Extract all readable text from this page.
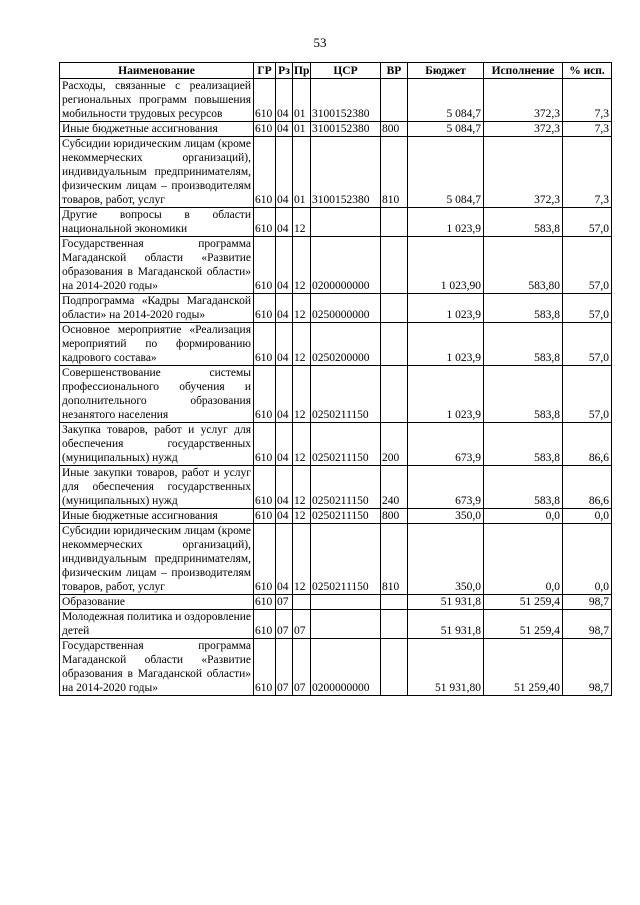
53
Наименование	ГР	Рз	Пр	ЦСР	ВР	Бюджет	Исполнение	% исп.
Расходы, связанные с реализацией региональных программ повышения мобильности трудовых ресурсов	610	04	01	3100152380		5 084,7	372,3	7,3
Иные бюджетные ассигнования	610	04	01	3100152380	800	5 084,7	372,3	7,3
Субсидии юридическим лицам (кроме некоммерческих организаций), индивидуальным предпринимателям, физическим лицам – производителям товаров, работ, услуг	610	04	01	3100152380	810	5 084,7	372,3	7,3
Другие вопросы в области национальной экономики	610	04	12			1 023,9	583,8	57,0
Государственная программа Магаданской области «Развитие образования в Магаданской области» на 2014-2020 годы»	610	04	12	0200000000		1 023,90	583,80	57,0
Подпрограмма «Кадры Магаданской области» на 2014-2020 годы»	610	04	12	0250000000		1 023,9	583,8	57,0
Основное мероприятие «Реализация мероприятий по формированию кадрового состава»	610	04	12	0250200000		1 023,9	583,8	57,0
Совершенствование системы профессионального обучения и дополнительного образования незанятого населения	610	04	12	0250211150		1 023,9	583,8	57,0
Закупка товаров, работ и услуг для обеспечения государственных (муниципальных) нужд	610	04	12	0250211150	200	673,9	583,8	86,6
Иные закупки товаров, работ и услуг для обеспечения государственных (муниципальных) нужд	610	04	12	0250211150	240	673,9	583,8	86,6
Иные бюджетные ассигнования	610	04	12	0250211150	800	350,0	0,0	0,0
Субсидии юридическим лицам (кроме некоммерческих организаций), индивидуальным предпринимателям, физическим лицам – производителям товаров, работ, услуг	610	04	12	0250211150	810	350,0	0,0	0,0
Образование	610	07				51 931,8	51 259,4	98,7
Молодежная политика и оздоровление детей	610	07	07			51 931,8	51 259,4	98,7
Государственная программа Магаданской области «Развитие образования в Магаданской области» на 2014-2020 годы»	610	07	07	0200000000		51 931,80	51 259,40	98,7
